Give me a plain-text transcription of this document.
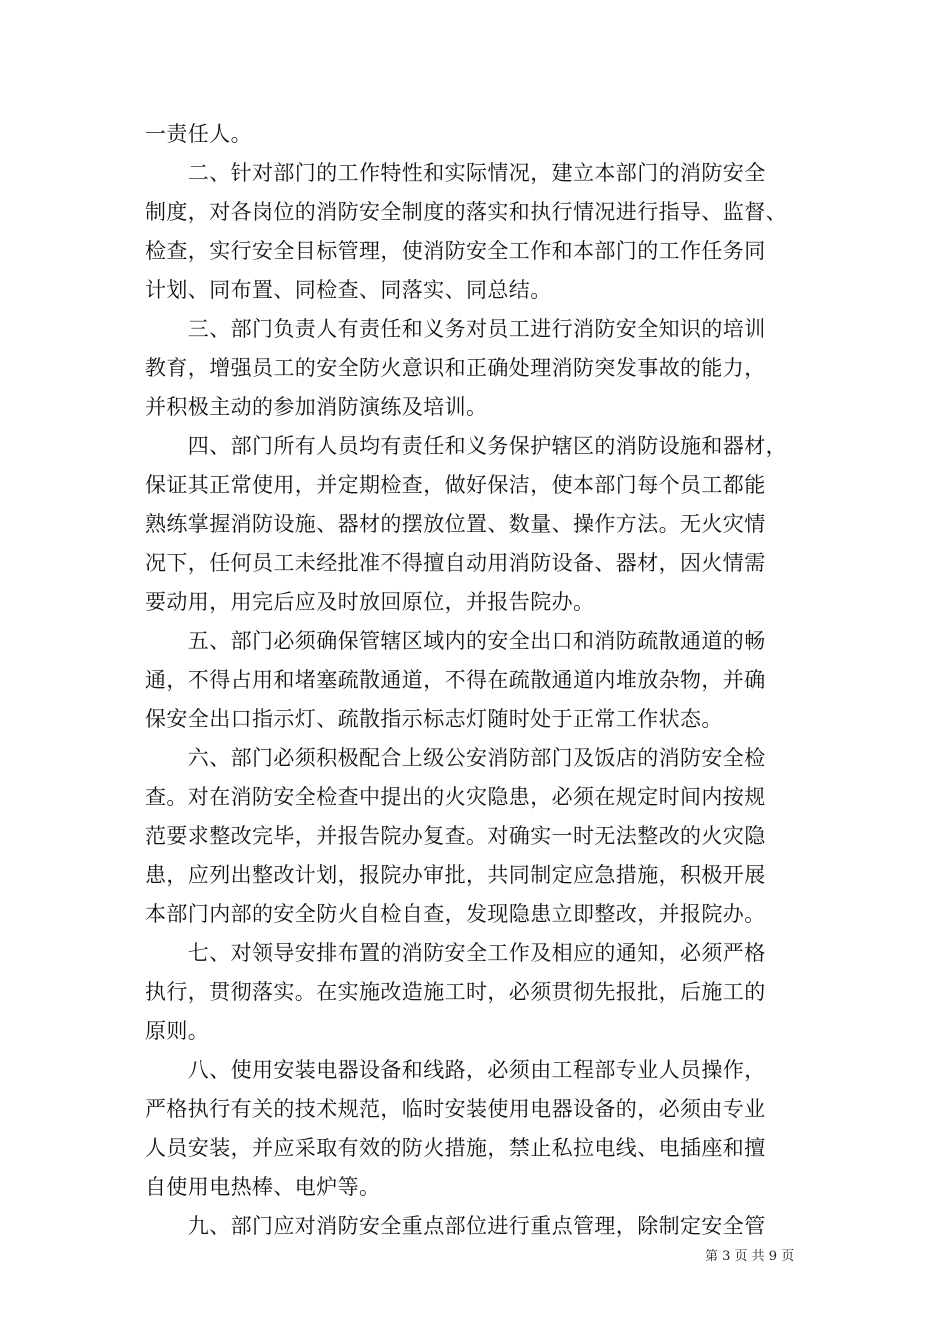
一责任人。
　　二、针对部门的工作特性和实际情况，建立本部门的消防安全
制度，对各岗位的消防安全制度的落实和执行情况进行指导、监督、
检查，实行安全目标管理，使消防安全工作和本部门的工作任务同
计划、同布置、同检查、同落实、同总结。
　　三、部门负责人有责任和义务对员工进行消防安全知识的培训
教育，增强员工的安全防火意识和正确处理消防突发事故的能力，
并积极主动的参加消防演练及培训。
　　四、部门所有人员均有责任和义务保护辖区的消防设施和器材，
保证其正常使用，并定期检查，做好保洁，使本部门每个员工都能
熟练掌握消防设施、器材的摆放位置、数量、操作方法。无火灾情
况下，任何员工未经批准不得擅自动用消防设备、器材，因火情需
要动用，用完后应及时放回原位，并报告院办。
　　五、部门必须确保管辖区域内的安全出口和消防疏散通道的畅
通，不得占用和堵塞疏散通道，不得在疏散通道内堆放杂物，并确
保安全出口指示灯、疏散指示标志灯随时处于正常工作状态。
　　六、部门必须积极配合上级公安消防部门及饭店的消防安全检
查。对在消防安全检查中提出的火灾隐患，必须在规定时间内按规
范要求整改完毕，并报告院办复查。对确实一时无法整改的火灾隐
患，应列出整改计划，报院办审批，共同制定应急措施，积极开展
本部门内部的安全防火自检自查，发现隐患立即整改，并报院办。
　　七、对领导安排布置的消防安全工作及相应的通知，必须严格
执行，贯彻落实。在实施改造施工时，必须贯彻先报批，后施工的
原则。
　　八、使用安装电器设备和线路，必须由工程部专业人员操作，
严格执行有关的技术规范，临时安装使用电器设备的，必须由专业
人员安装，并应采取有效的防火措施，禁止私拉电线、电插座和擅
自使用电热棒、电炉等。
　　九、部门应对消防安全重点部位进行重点管理，除制定安全管
第 3 页 共 9 页
